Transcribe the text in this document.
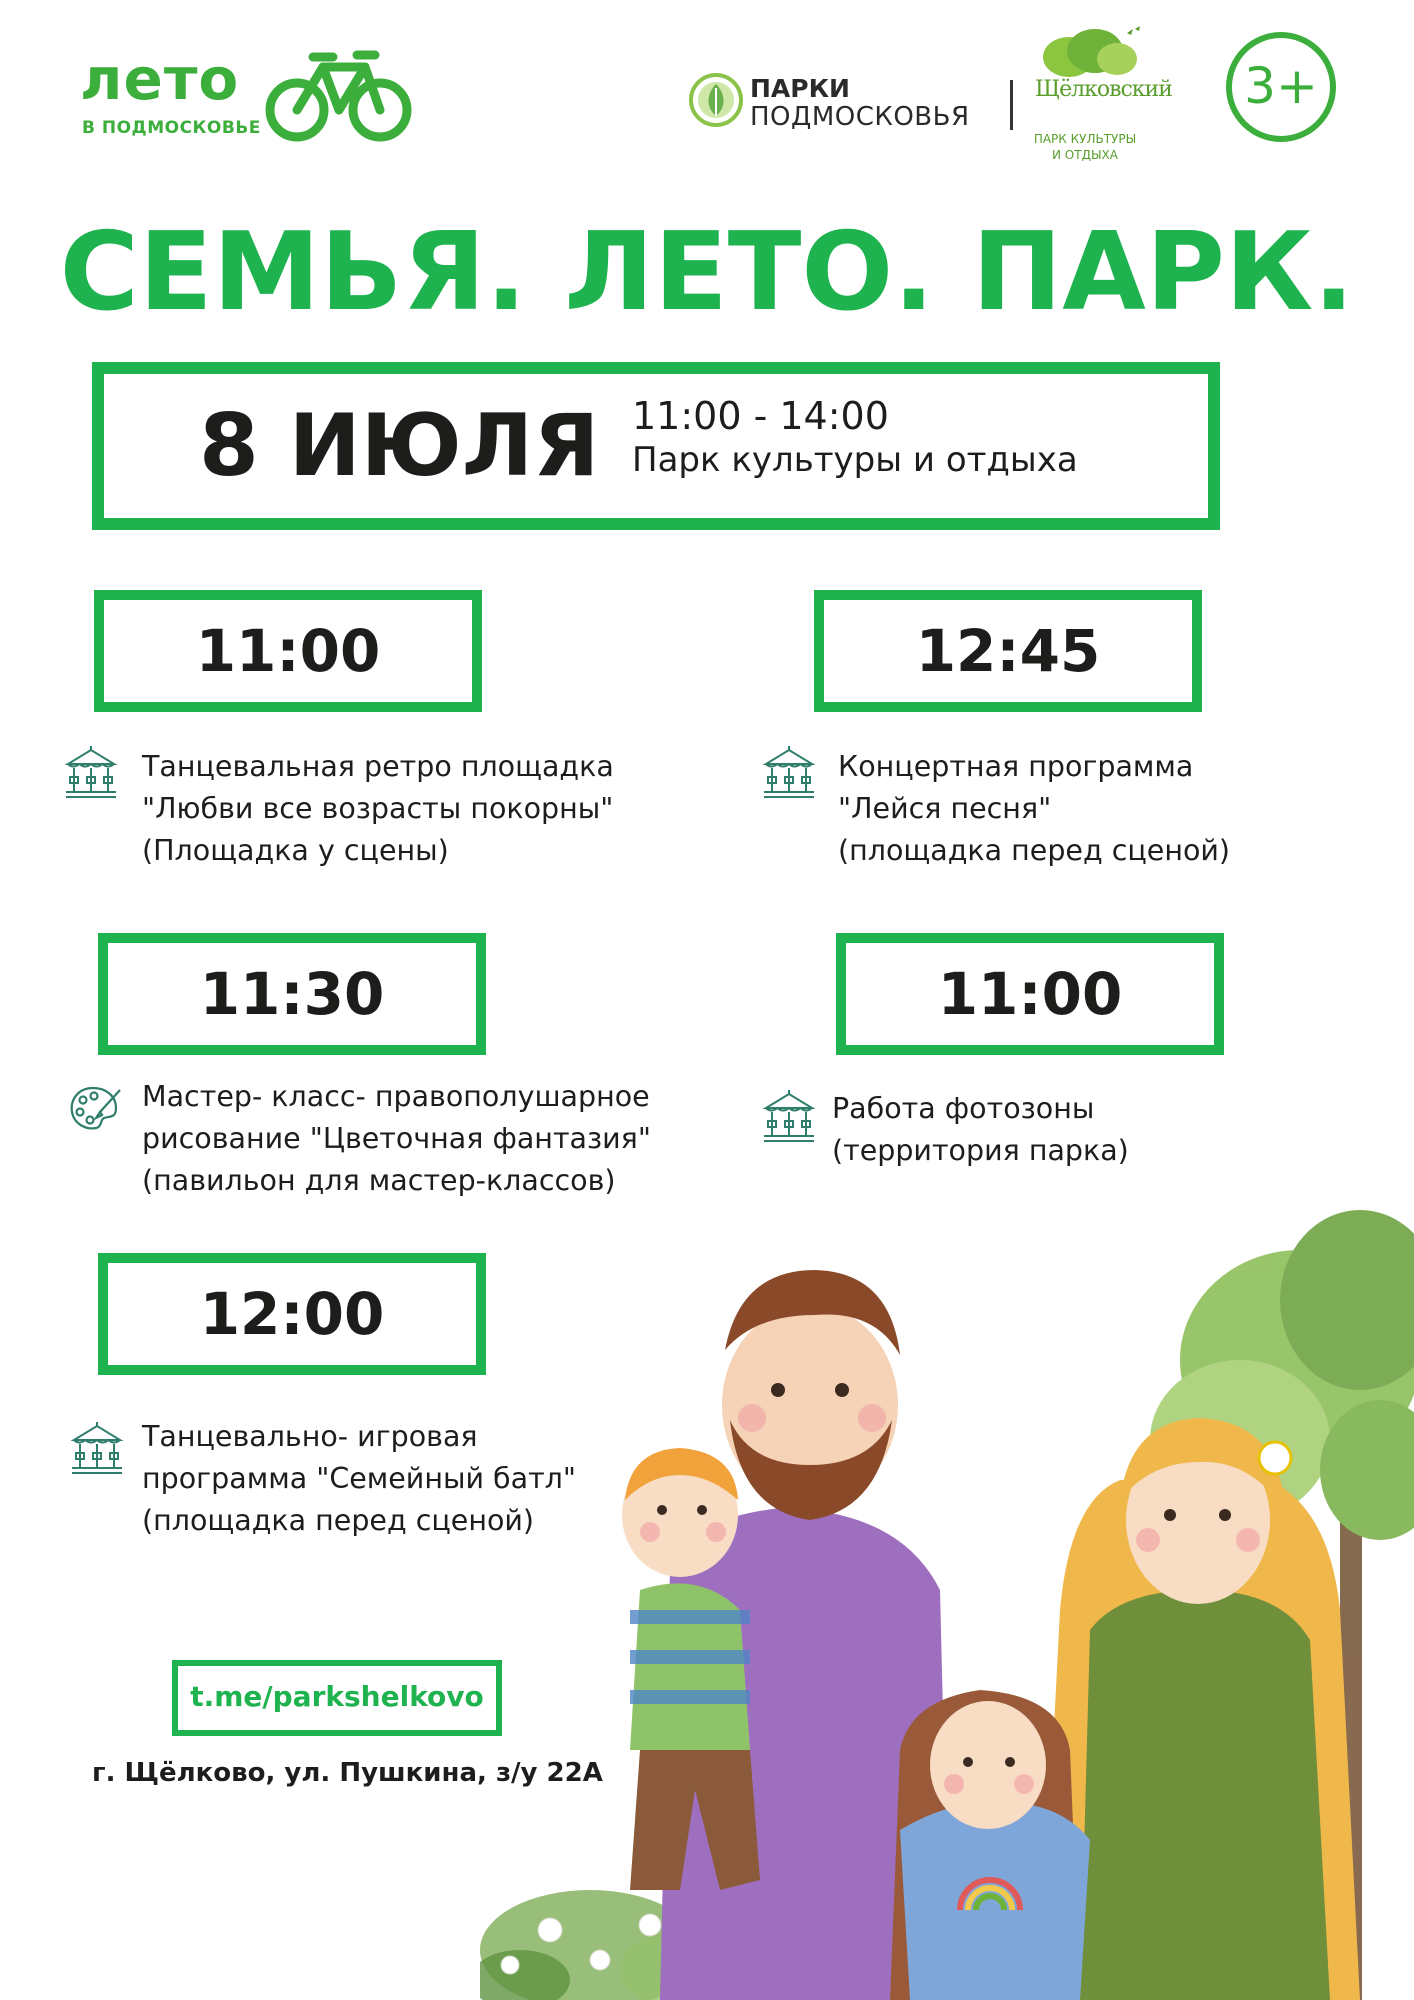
лето
В ПОДМОСКОВЬЕ
ПАРКИ
ПОДМОСКОВЬЯ
Щёлковский
ПАРК КУЛЬТУРЫ
И ОТДЫХА
3+
СЕМЬЯ. ЛЕТО. ПАРК.
8 ИЮЛЯ 11:00 - 14:00
Парк культуры и отдыха
11:00
Танцевальная ретро площадка
"Любви все возрасты покорны"
(Площадка у сцены)
12:45
Концертная программа
"Лейся песня"
(площадка перед сценой)
11:30
Мастер- класс- правополушарное
рисование "Цветочная фантазия"
(павильон для мастер-классов)
11:00
Работа фотозоны
(территория парка)
12:00
Танцевально- игровая
программа "Семейный батл"
(площадка перед сценой)
t.me/parkshelkovo
г. Щёлково, ул. Пушкина, з/у 22А
